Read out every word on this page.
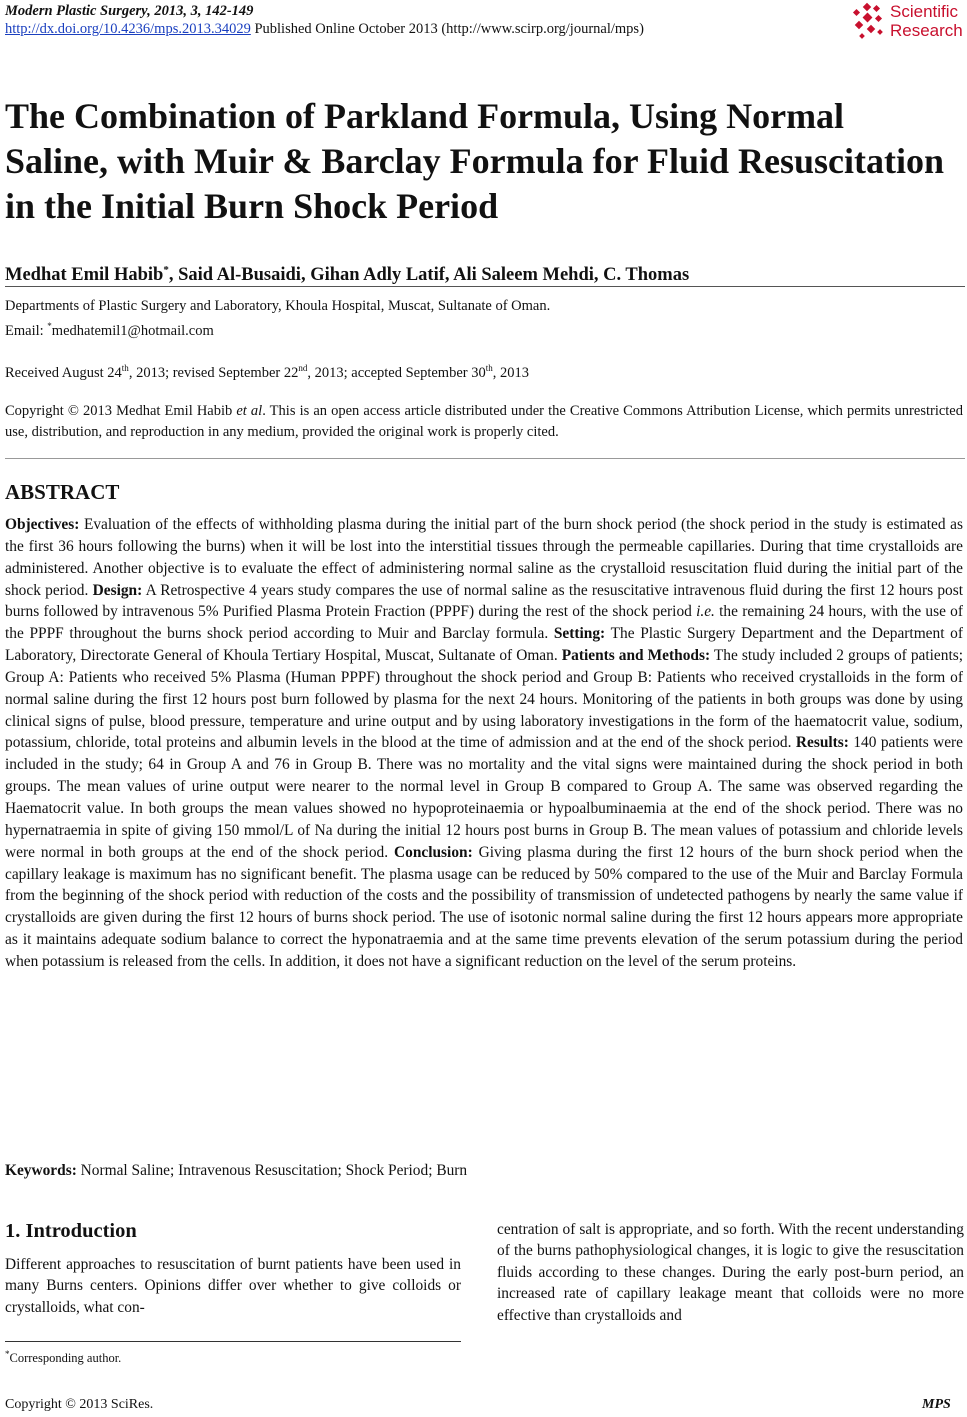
Modern Plastic Surgery, 2013, 3, 142-149
http://dx.doi.org/10.4236/mps.2013.34029 Published Online October 2013 (http://www.scirp.org/journal/mps)
Scientific
Research
The Combination of Parkland Formula, Using Normal Saline, with Muir & Barclay Formula for Fluid Resuscitation in the Initial Burn Shock Period
Medhat Emil Habib*, Said Al-Busaidi, Gihan Adly Latif, Ali Saleem Mehdi, C. Thomas
Departments of Plastic Surgery and Laboratory, Khoula Hospital, Muscat, Sultanate of Oman.
Email: *medhatemil1@hotmail.com
Received August 24th, 2013; revised September 22nd, 2013; accepted September 30th, 2013
Copyright © 2013 Medhat Emil Habib et al. This is an open access article distributed under the Creative Commons Attribution License, which permits unrestricted use, distribution, and reproduction in any medium, provided the original work is properly cited.
ABSTRACT
Objectives: Evaluation of the effects of withholding plasma during the initial part of the burn shock period (the shock period in the study is estimated as the first 36 hours following the burns) when it will be lost into the interstitial tissues through the permeable capillaries. During that time crystalloids are administered. Another objective is to evaluate the effect of administering normal saline as the crystalloid resuscitation fluid during the initial part of the shock period. Design: A Retrospective 4 years study compares the use of normal saline as the resuscitative intravenous fluid during the first 12 hours post burns followed by intravenous 5% Purified Plasma Protein Fraction (PPPF) during the rest of the shock period i.e. the remaining 24 hours, with the use of the PPPF throughout the burns shock period according to Muir and Barclay formula. Setting: The Plastic Surgery Department and the Department of Laboratory, Directorate General of Khoula Tertiary Hospital, Muscat, Sultanate of Oman. Patients and Methods: The study included 2 groups of patients; Group A: Patients who received 5% Plasma (Human PPPF) throughout the shock period and Group B: Patients who received crystalloids in the form of normal saline during the first 12 hours post burn followed by plasma for the next 24 hours. Monitoring of the patients in both groups was done by using clinical signs of pulse, blood pressure, temperature and urine output and by using laboratory investigations in the form of the haematocrit value, sodium, potassium, chloride, total proteins and albumin levels in the blood at the time of admission and at the end of the shock period. Results: 140 patients were included in the study; 64 in Group A and 76 in Group B. There was no mortality and the vital signs were maintained during the shock period in both groups. The mean values of urine output were nearer to the normal level in Group B compared to Group A. The same was observed regarding the Haematocrit value. In both groups the mean values showed no hypoproteinaemia or hypoalbuminaemia at the end of the shock period. There was no hypernatraemia in spite of giving 150 mmol/L of Na during the initial 12 hours post burns in Group B. The mean values of potassium and chloride levels were normal in both groups at the end of the shock period. Conclusion: Giving plasma during the first 12 hours of the burn shock period when the capillary leakage is maximum has no significant benefit. The plasma usage can be reduced by 50% compared to the use of the Muir and Barclay Formula from the beginning of the shock period with reduction of the costs and the possibility of transmission of undetected pathogens by nearly the same value if crystalloids are given during the first 12 hours of burns shock period. The use of isotonic normal saline during the first 12 hours appears more appropriate as it maintains adequate sodium balance to correct the hyponatraemia and at the same time prevents elevation of the serum potassium during the period when potassium is released from the cells. In addition, it does not have a significant reduction on the level of the serum proteins.
Keywords: Normal Saline; Intravenous Resuscitation; Shock Period; Burn
1. Introduction
Different approaches to resuscitation of burnt patients have been used in many Burns centers. Opinions differ over whether to give colloids or crystalloids, what con-
centration of salt is appropriate, and so forth. With the recent understanding of the burns pathophysiological changes, it is logic to give the resuscitation fluids according to these changes. During the early post-burn period, an increased rate of capillary leakage meant that colloids were no more effective than crystalloids and
*Corresponding author.
Copyright © 2013 SciRes.	MPS
